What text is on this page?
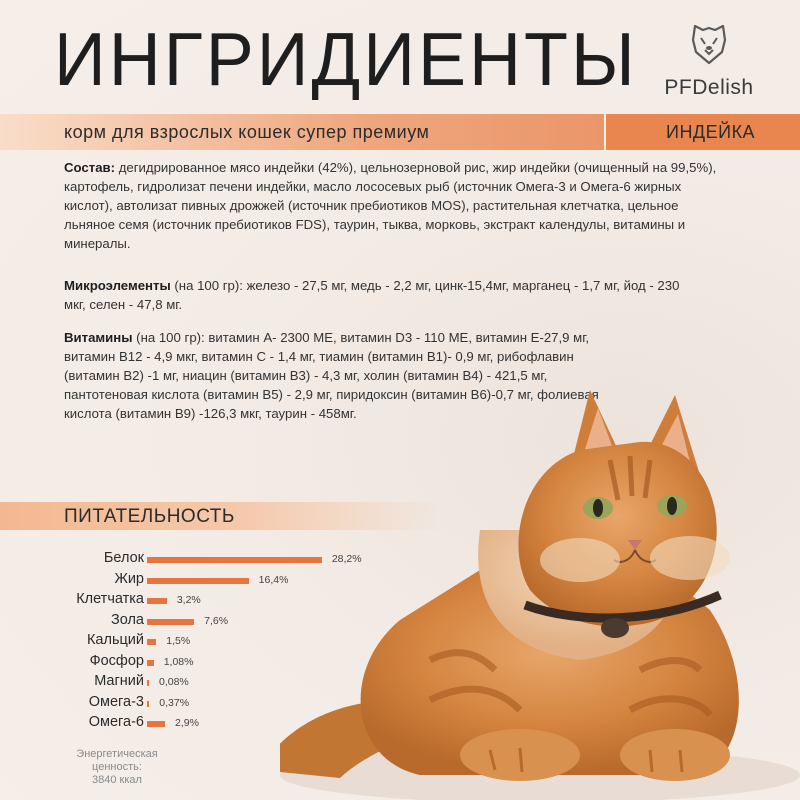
ИНГРИДИЕНТЫ	PFDelish
корм для взрослых кошек супер премиум	ИНДЕЙКА
Состав: дегидрированное мясо индейки (42%), цельнозерновой рис, жир индейки (очищенный на 99,5%), картофель, гидролизат печени индейки, масло лососевых рыб (источник Омега-3 и Омега-6 жирных кислот), автолизат пивных дрожжей (источник пребиотиков MOS), растительная клетчатка, цельное льняное семя (источник пребиотиков FDS), таурин, тыква, морковь, экстракт календулы, витамины и минералы.
Микроэлементы (на 100 гр): железо - 27,5 мг, медь - 2,2 мг, цинк-15,4мг, марганец - 1,7 мг, йод - 230 мкг, селен - 47,8 мг.
Витамины (на 100 гр): витамин А- 2300 МЕ, витамин D3 - 110 МЕ, витамин Е-27,9 мг, витамин B12 - 4,9 мкг, витамин С - 1,4 мг, тиамин (витамин В1)- 0,9 мг, рибофлавин (витамин В2) -1 мг, ниацин (витамин В3) - 4,3 мг, холин (витамин В4) - 421,5 мг, пантотеновая кислота (витамин В5) - 2,9 мг, пиридоксин (витамин В6)-0,7 мг, фолиевая кислота (витамин В9) -126,3 мкг, таурин - 458мг.
ПИТАТЕЛЬНОСТЬ
Белок	28,2%
Жир	16,4%
Клетчатка	3,2%
Зола	7,6%
Кальций 1,5%
Фосфор 1,08%
Магний 0,08%
Омега-3 0,37%
Омега-6	2,9%
Энергетическая ценность:
3840 ккал
